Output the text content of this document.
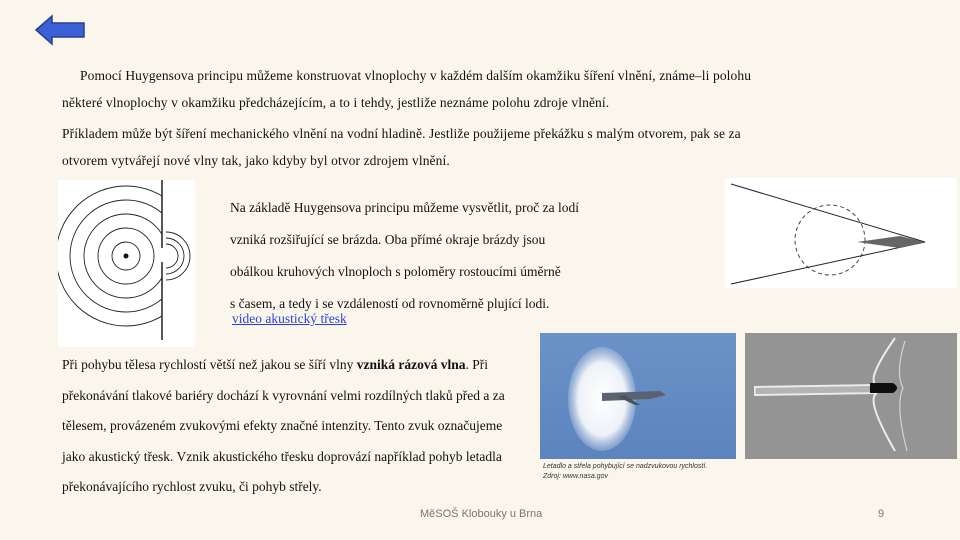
Pomocí Huygensova principu můžeme konstruovat vlnoplochy v každém dalším okamžiku šíření vlnění, známe–li polohu
některé vlnoplochy v okamžiku předcházejícím, a to i tehdy, jestliže neznáme polohu zdroje vlnění.
Příkladem může být šíření mechanického vlnění na vodní hladině. Jestliže použijeme překážku s malým otvorem, pak se za
otvorem vytvářejí nové vlny tak, jako kdyby byl otvor zdrojem vlnění.
Na základě Huygensova principu můžeme vysvětlit, proč za lodí
vzniká rozšiřující se brázda. Oba přímé okraje brázdy jsou
obálkou kruhových vlnoploch s poloměry rostoucími úměrně
s časem, a tedy i se vzdáleností od rovnoměrně plující lodi.
video akustický třesk
Při pohybu tělesa rychlostí větší než jakou se šíří vlny vzniká rázová vlna. Při překonávání tlakové bariéry dochází k vyrovnání velmi rozdílných tlaků před a za tělesem, provázeném zvukovými efekty značné intenzity. Tento zvuk označujeme jako akustický třesk. Vznik akustického třesku doprovází například pohyb letadla překonávajícího rychlost zvuku, či pohyb střely.
Letadlo a střela pohybující se nadzvukovou rychlostí.
Zdroj: www.nasa.gov
MěSOŠ Klobouky u Brna	9
